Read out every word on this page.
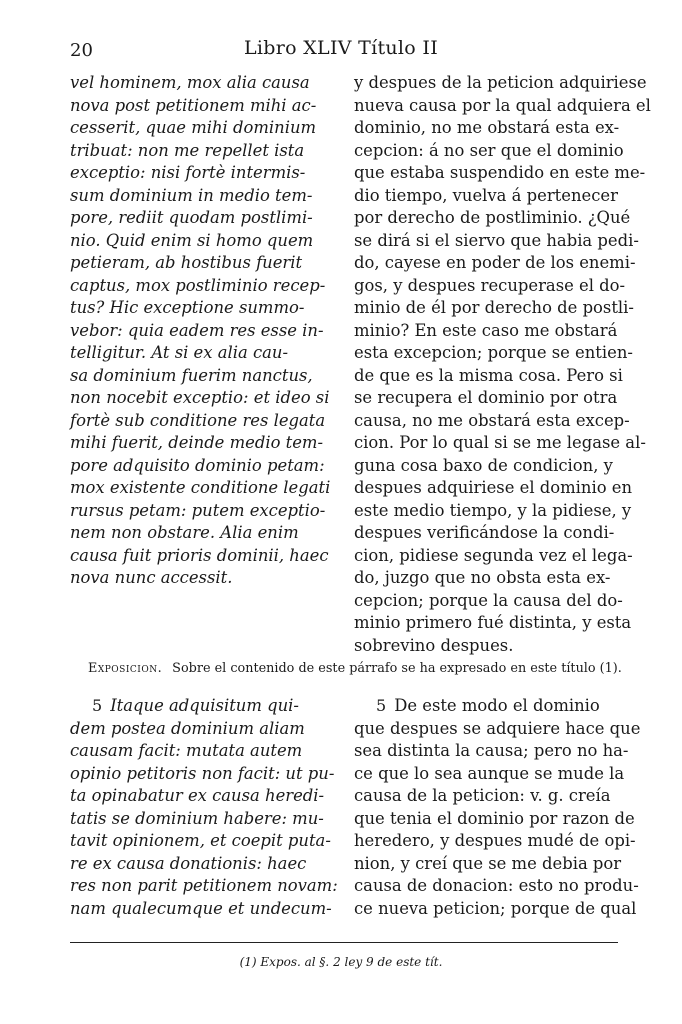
20	Libro XLIV Título II
vel hominem, mox alia causa
nova post petitionem mihi ac-
cesserit, quae mihi dominium
tribuat: non me repellet ista
exceptio: nisi fortè intermis-
sum dominium in medio tem-
pore, rediit quodam postlimi-
nio. Quid enim si homo quem
petieram, ab hostibus fuerit
captus, mox postliminio recep-
tus? Hic exceptione summo-
vebor: quia eadem res esse in-
telligitur. At si ex alia cau-
sa dominium fuerim nanctus,
non nocebit exceptio: et ideo si
fortè sub conditione res legata
mihi fuerit, deinde medio tem-
pore adquisito dominio petam:
mox existente conditione legati
rursus petam: putem exceptio-
nem non obstare. Alia enim
causa fuit prioris dominii, haec
nova nunc accessit.
y despues de la peticion adquiriese
nueva causa por la qual adquiera el
dominio, no me obstará esta ex-
cepcion: á no ser que el dominio
que estaba suspendido en este me-
dio tiempo, vuelva á pertenecer
por derecho de postliminio. ¿Qué
se dirá si el siervo que habia pedi-
do, cayese en poder de los enemi-
gos, y despues recuperase el do-
minio de él por derecho de postli-
minio? En este caso me obstará
esta excepcion; porque se entien-
de que es la misma cosa. Pero si
se recupera el dominio por otra
causa, no me obstará esta excep-
cion. Por lo qual si se me legase al-
guna cosa baxo de condicion, y
despues adquiriese el dominio en
este medio tiempo, y la pidiese, y
despues verificándose la condi-
cion, pidiese segunda vez el lega-
do, juzgo que no obsta esta ex-
cepcion; porque la causa del do-
minio primero fué distinta, y esta
sobrevino despues.
Exposicion. Sobre el contenido de este párrafo se ha expresado en este título (1).
5 Itaque adquisitum qui-
dem postea dominium aliam
causam facit: mutata autem
opinio petitoris non facit: ut pu-
ta opinabatur ex causa heredi-
tatis se dominium habere: mu-
tavit opinionem, et coepit puta-
re ex causa donationis: haec
res non parit petitionem novam:
nam qualecumque et undecum-
5 De este modo el dominio
que despues se adquiere hace que
sea distinta la causa; pero no ha-
ce que lo sea aunque se mude la
causa de la peticion: v. g. creía
que tenia el dominio por razon de
heredero, y despues mudé de opi-
nion, y creí que se me debia por
causa de donacion: esto no produ-
ce nueva peticion; porque de qual
(1) Expos. al §. 2 ley 9 de este tít.
